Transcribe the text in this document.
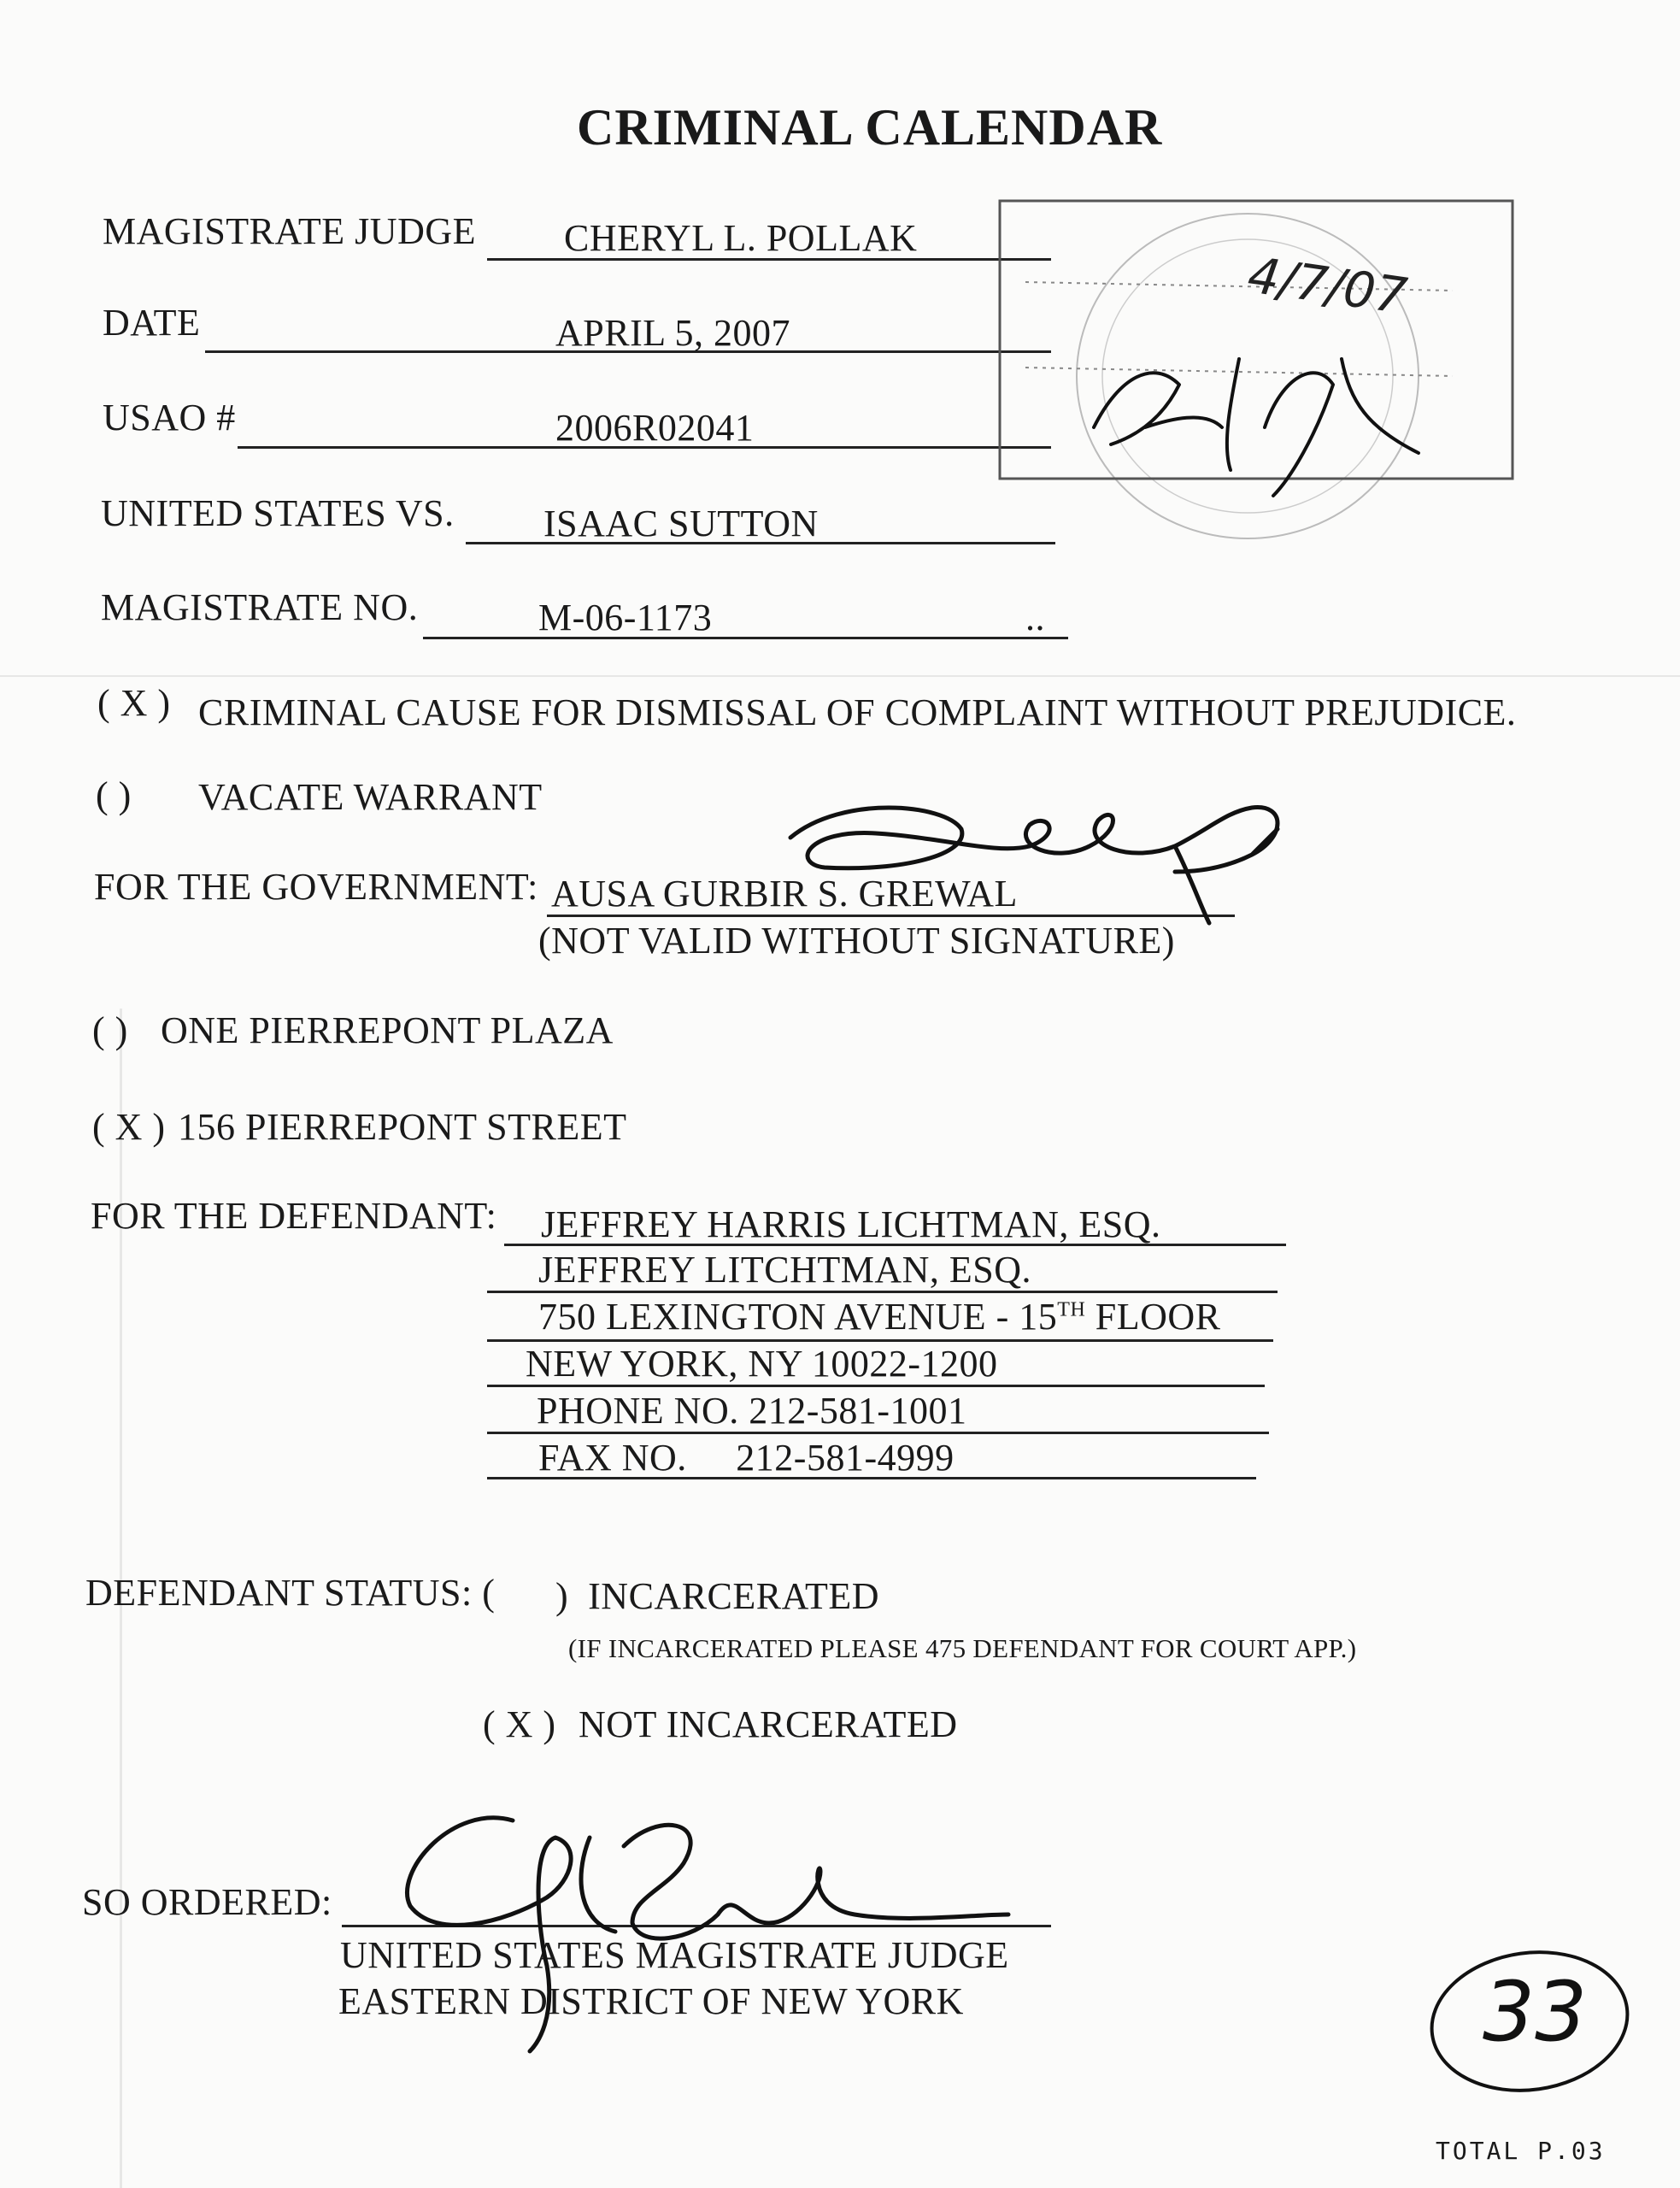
CRIMINAL CALENDAR
MAGISTRATE JUDGE CHERYL L. POLLAK
DATE	APRIL 5, 2007
USAO #	2006R02041
UNITED STATES VS. ISAAC SUTTON
MAGISTRATE NO.	M-06-1173	..
( X ) CRIMINAL CAUSE FOR DISMISSAL OF COMPLAINT WITHOUT PREJUDICE.
( ) VACATE WARRANT
FOR THE GOVERNMENT: AUSA GURBIR S. GREWAL
(NOT VALID WITHOUT SIGNATURE)
( ) ONE PIERREPONT PLAZA
( X ) 156 PIERREPONT STREET
FOR THE DEFENDANT: JEFFREY HARRIS LICHTMAN, ESQ.
JEFFREY LITCHTMAN, ESQ.
750 LEXINGTON AVENUE - 15TH FLOOR
NEW YORK, NY 10022-1200
PHONE NO. 212-581-1001
FAX NO.     212-581-4999
DEFENDANT STATUS: ( )  INCARCERATED
(IF INCARCERATED PLEASE 475 DEFENDANT FOR COURT APP.)
( X ) NOT INCARCERATED
SO ORDERED:
UNITED STATES MAGISTRATE JUDGE
EASTERN DISTRICT OF NEW YORK
4/7/07
33
TOTAL P.03
